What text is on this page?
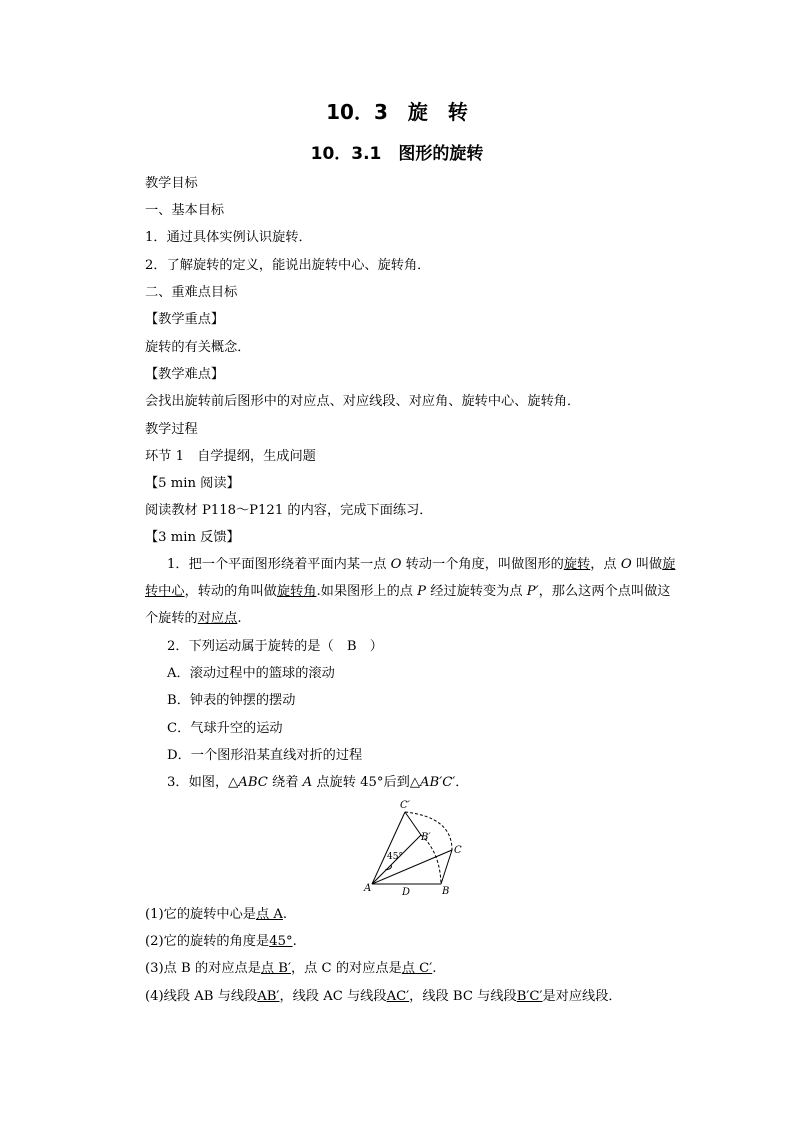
10．3　旋　转
10．3.1　图形的旋转
教学目标
一、基本目标
1．通过具体实例认识旋转．
2．了解旋转的定义，能说出旋转中心、旋转角．
二、重难点目标
【教学重点】
旋转的有关概念．
【教学难点】
会找出旋转前后图形中的对应点、对应线段、对应角、旋转中心、旋转角．
教学过程
环节 1　自学提纲，生成问题
【5 min 阅读】
阅读教材 P118～P121 的内容，完成下面练习．
【3 min 反馈】
1．把一个平面图形绕着平面内某一点 O 转动一个角度，叫做图形的旋转，点 O 叫做旋
转中心，转动的角叫做旋转角.如果图形上的点 P 经过旋转变为点 P′，那么这两个点叫做这
个旋转的对应点.
2．下列运动属于旋转的是（　B　）
A．滚动过程中的篮球的滚动
B．钟表的钟摆的摆动
C．气球升空的运动
D．一个图形沿某直线对折的过程
3．如图，△ABC 绕着 A 点旋转 45°后到△AB′C′．
A	B
C
D
B′
C′
45°
(1)它的旋转中心是点 A.
(2)它的旋转的角度是45°.
(3)点 B 的对应点是点 B′，点 C 的对应点是点 C′.
(4)线段 AB 与线段AB′，线段 AC 与线段AC′，线段 BC 与线段B′C′是对应线段．
